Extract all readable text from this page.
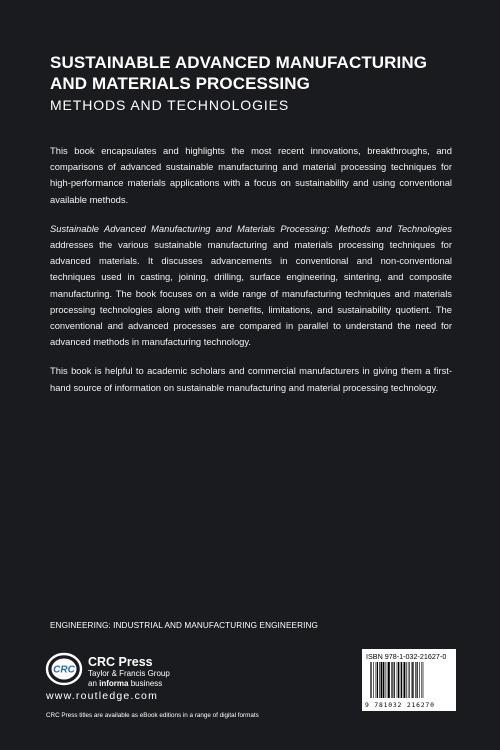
SUSTAINABLE ADVANCED MANUFACTURING
AND MATERIALS PROCESSING
METHODS AND TECHNOLOGIES

This book encapsulates and highlights the most recent innovations, breakthroughs, and comparisons of advanced sustainable manufacturing and material processing techniques for high-performance materials applications with a focus on sustainability and using conventional available methods.

Sustainable Advanced Manufacturing and Materials Processing: Methods and Technologies addresses the various sustainable manufacturing and materials processing techniques for advanced materials. It discusses advancements in conventional and non-conventional techniques used in casting, joining, drilling, surface engineering, sintering, and composite manufacturing. The book focuses on a wide range of manufacturing techniques and materials processing technologies along with their benefits, limitations, and sustainability quotient. The conventional and advanced processes are compared in parallel to understand the need for advanced methods in manufacturing technology.

This book is helpful to academic scholars and commercial manufacturers in giving them a first-hand source of information on sustainable manufacturing and material processing technology.

ENGINEERING: INDUSTRIAL AND MANUFACTURING ENGINEERING
CRC
CRC Press
Taylor & Francis Group
an informa business
www.routledge.com
CRC Press titles are available as eBook editions in a range of digital formats
ISBN 978-1-032-21627-0
9 781032 216270
